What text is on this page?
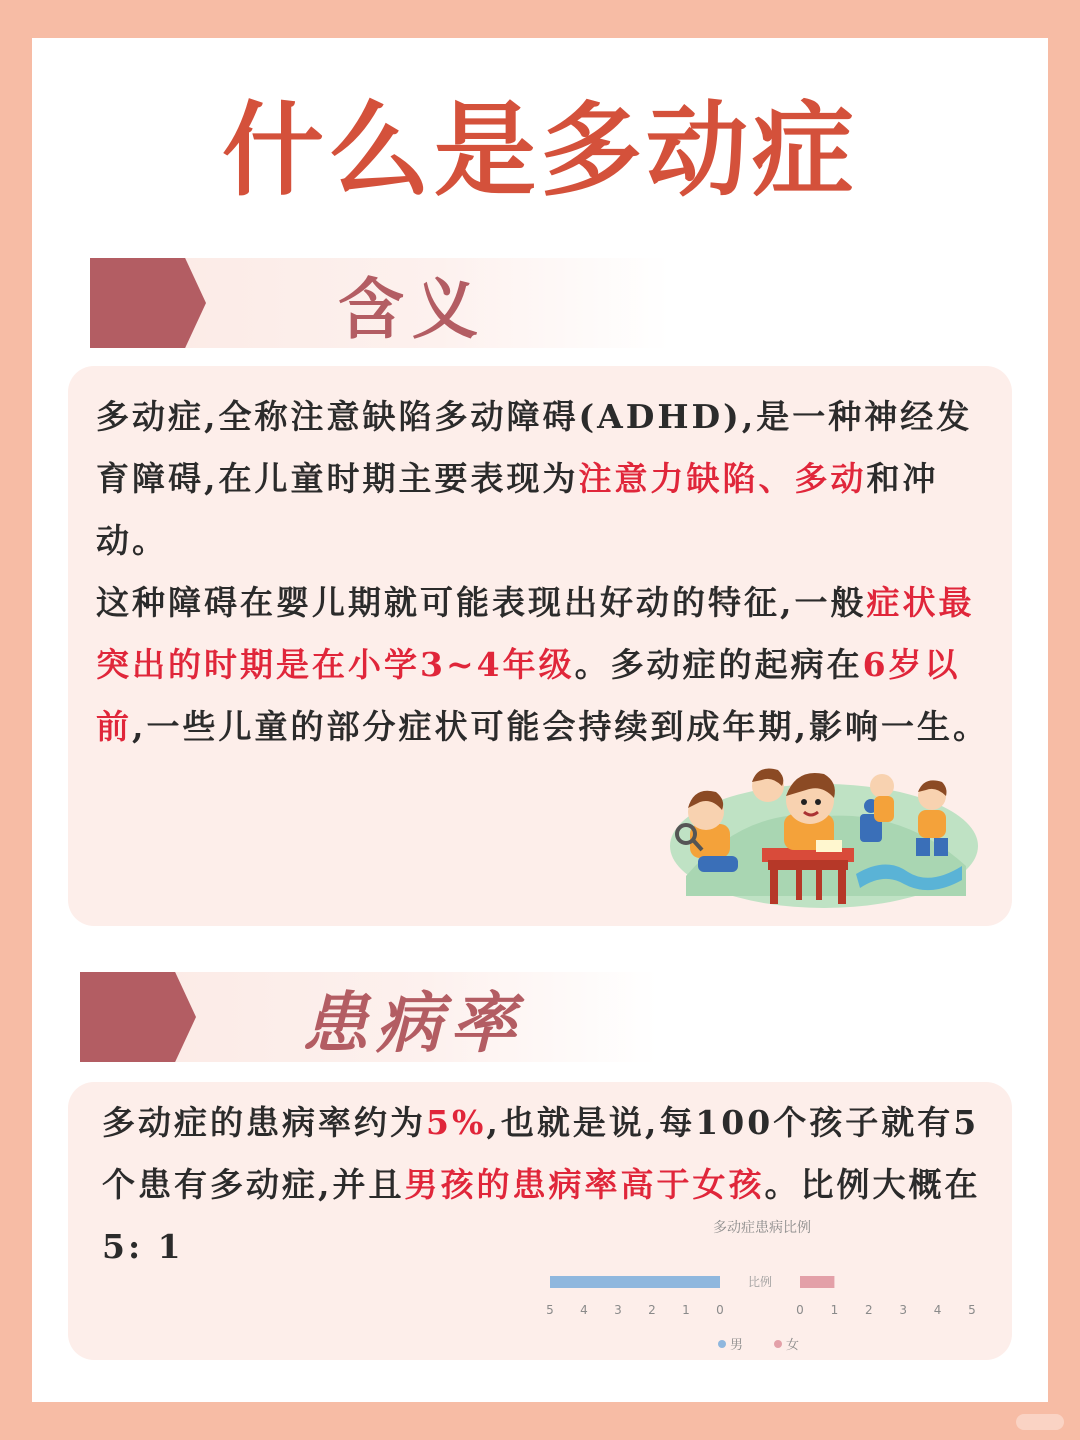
什么是多动症
含义
多动症,全称注意缺陷多动障碍(ADHD),是一种神经发育障碍,在儿童时期主要表现为注意力缺陷、多动和冲动。
这种障碍在婴儿期就可能表现出好动的特征,一般症状最突出的时期是在小学3~4年级。多动症的起病在6岁以前,一些儿童的部分症状可能会持续到成年期,影响一生。
患病率
多动症的患病率约为5%,也就是说,每100个孩子就有5个患有多动症,并且男孩的患病率高于女孩。比例大概在5: 1	多动症患病比例
比例
5 4 3 2 1 0	0 1 2 3 4 5
男	女
